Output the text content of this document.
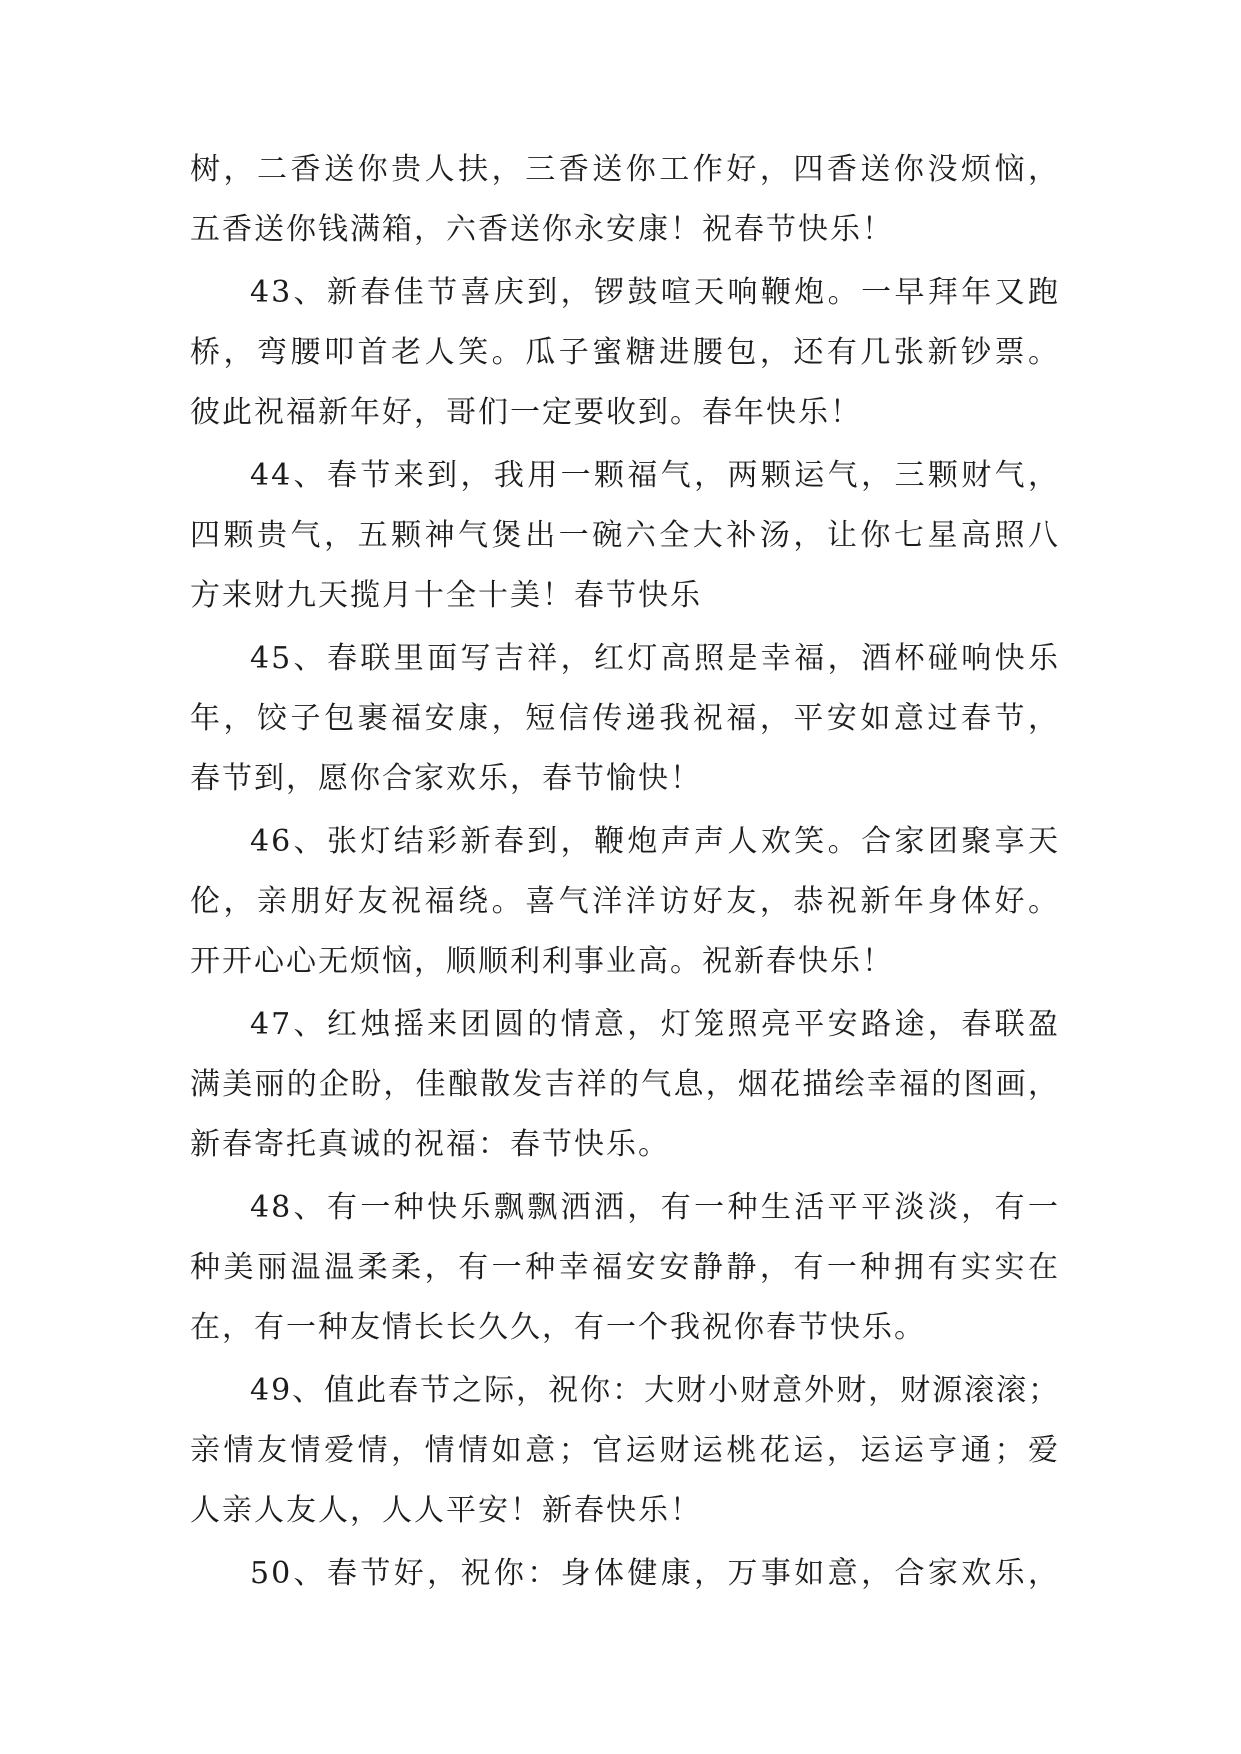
树，二香送你贵人扶，三香送你工作好，四香送你没烦恼，
五香送你钱满箱，六香送你永安康！祝春节快乐！
43、新春佳节喜庆到，锣鼓喧天响鞭炮。一早拜年又跑
桥，弯腰叩首老人笑。瓜子蜜糖进腰包，还有几张新钞票。
彼此祝福新年好，哥们一定要收到。春年快乐！
44、春节来到，我用一颗福气，两颗运气，三颗财气，
四颗贵气，五颗神气煲出一碗六全大补汤，让你七星高照八
方来财九天揽月十全十美！春节快乐
45、春联里面写吉祥，红灯高照是幸福，酒杯碰响快乐
年，饺子包裹福安康，短信传递我祝福，平安如意过春节，
春节到，愿你合家欢乐，春节愉快！
46、张灯结彩新春到，鞭炮声声人欢笑。合家团聚享天
伦，亲朋好友祝福绕。喜气洋洋访好友，恭祝新年身体好。
开开心心无烦恼，顺顺利利事业高。祝新春快乐！
47、红烛摇来团圆的情意，灯笼照亮平安路途，春联盈
满美丽的企盼，佳酿散发吉祥的气息，烟花描绘幸福的图画，
新春寄托真诚的祝福：春节快乐。
48、有一种快乐飘飘洒洒，有一种生活平平淡淡，有一
种美丽温温柔柔，有一种幸福安安静静，有一种拥有实实在
在，有一种友情长长久久，有一个我祝你春节快乐。
49、值此春节之际，祝你：大财小财意外财，财源滚滚；
亲情友情爱情，情情如意；官运财运桃花运，运运亨通；爱
人亲人友人，人人平安！新春快乐！
50、春节好，祝你：身体健康，万事如意，合家欢乐，
